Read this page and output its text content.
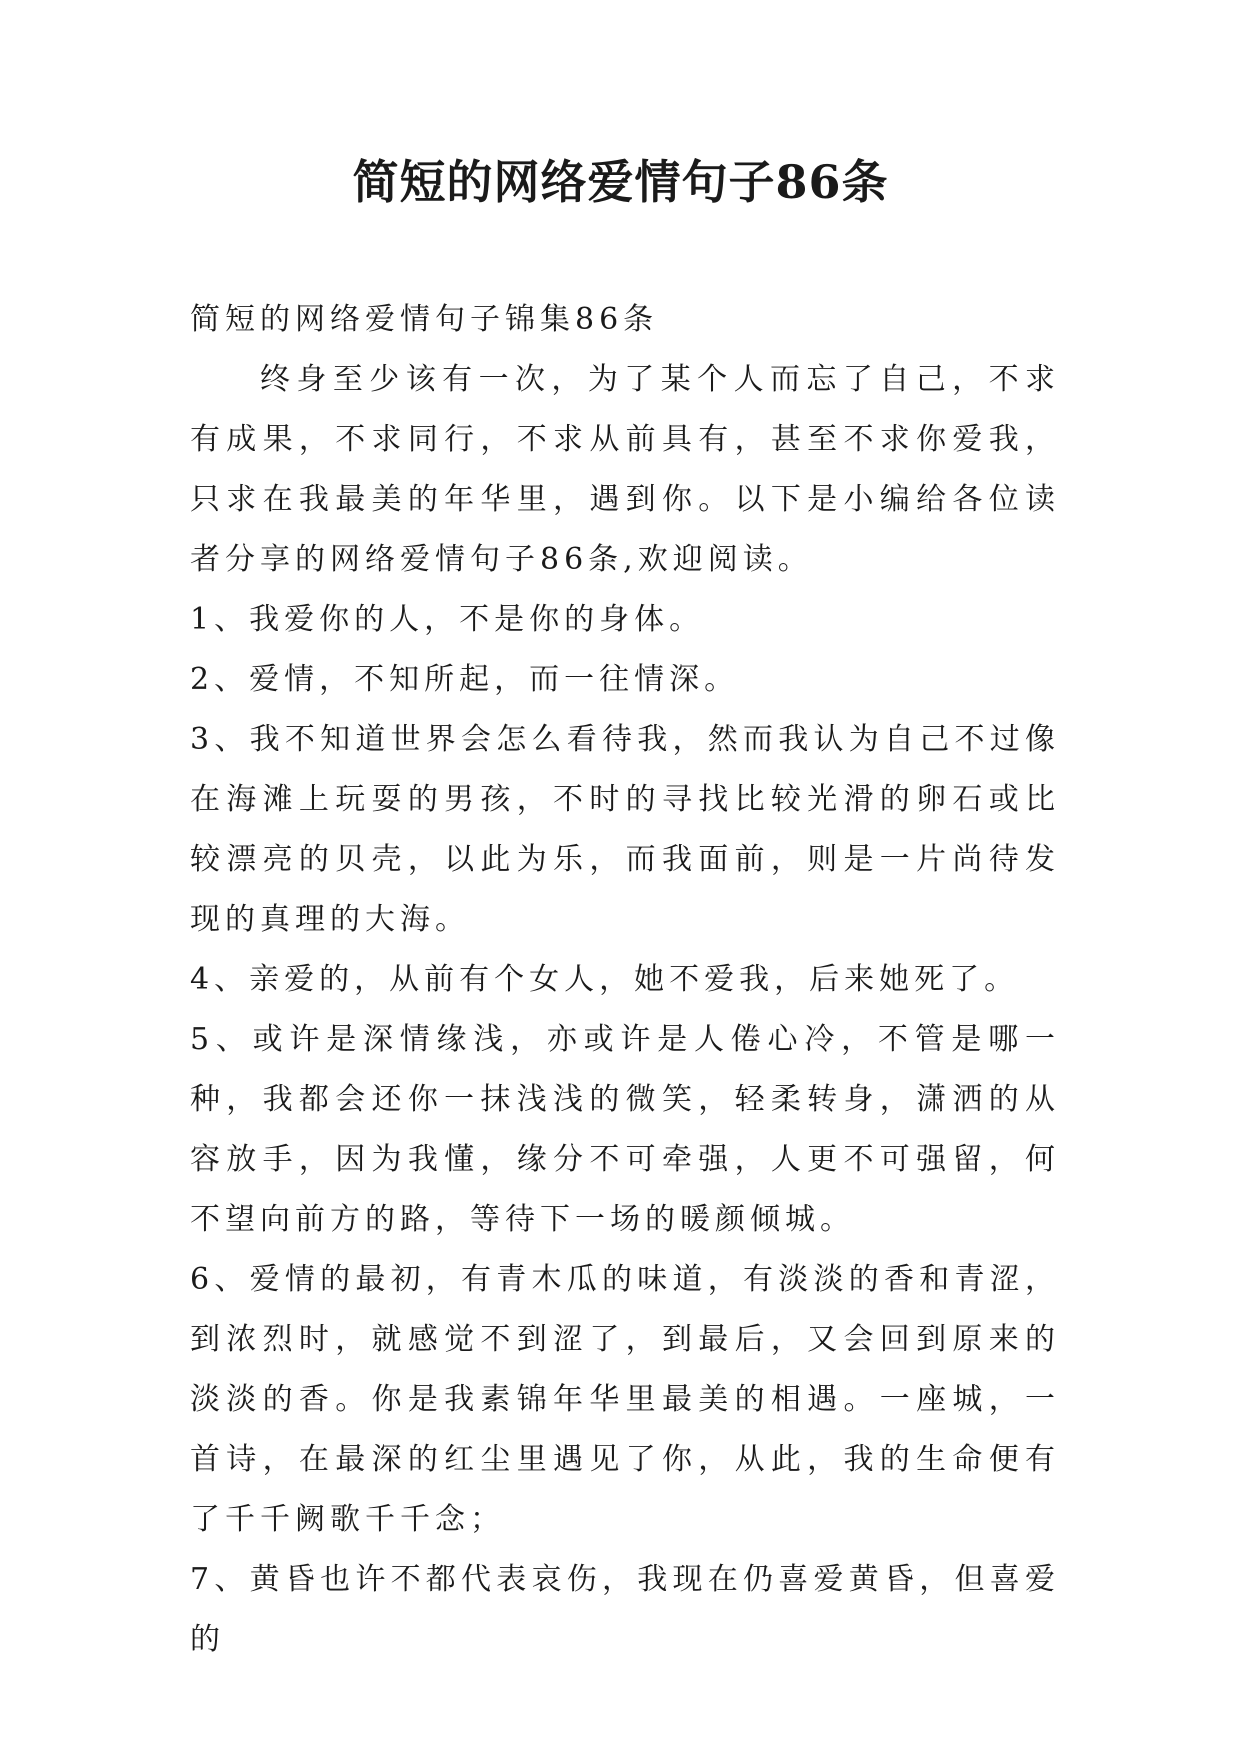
简短的网络爱情句子86条

简短的网络爱情句子锦集86条

终身至少该有一次，为了某个人而忘了自己，不求有成果，不求同行，不求从前具有，甚至不求你爱我，只求在我最美的年华里，遇到你。以下是小编给各位读者分享的网络爱情句子86条,欢迎阅读。

1、我爱你的人，不是你的身体。

2、爱情，不知所起，而一往情深。

3、我不知道世界会怎么看待我，然而我认为自己不过像在海滩上玩耍的男孩，不时的寻找比较光滑的卵石或比较漂亮的贝壳，以此为乐，而我面前，则是一片尚待发现的真理的大海。

4、亲爱的，从前有个女人，她不爱我，后来她死了。

5、或许是深情缘浅，亦或许是人倦心冷，不管是哪一种，我都会还你一抹浅浅的微笑，轻柔转身，潇洒的从容放手，因为我懂，缘分不可牵强，人更不可强留，何不望向前方的路，等待下一场的暖颜倾城。

6、爱情的最初，有青木瓜的味道，有淡淡的香和青涩，到浓烈时，就感觉不到涩了，到最后，又会回到原来的淡淡的香。你是我素锦年华里最美的相遇。一座城，一首诗，在最深的红尘里遇见了你，从此，我的生命便有了千千阙歌千千念；

7、黄昏也许不都代表哀伤，我现在仍喜爱黄昏，但喜爱的
